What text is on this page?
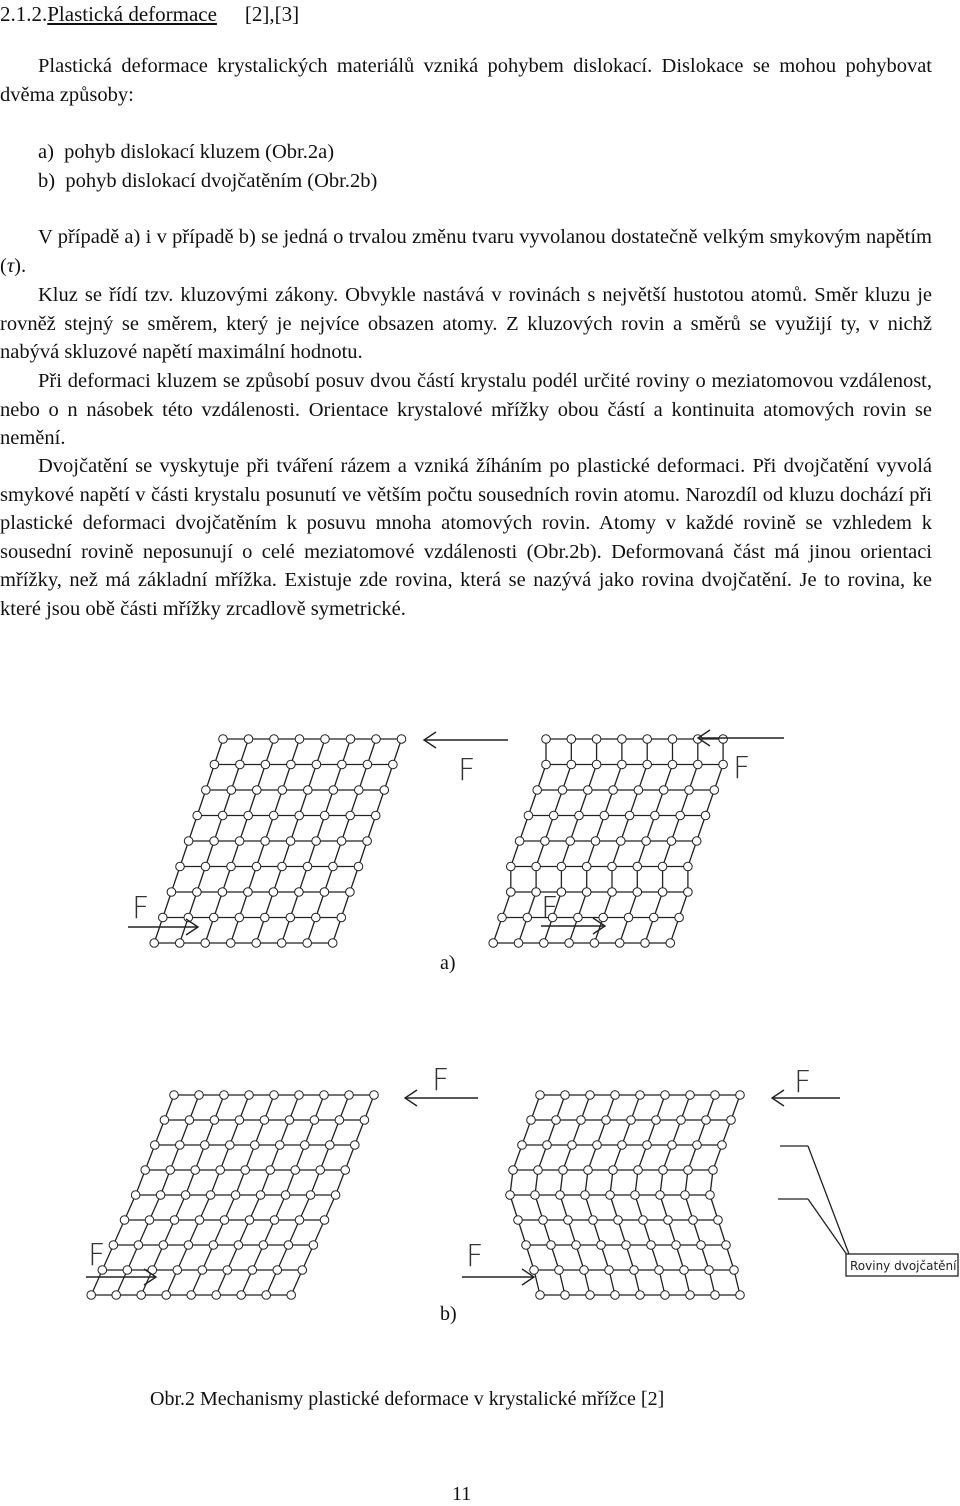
2.1.2.Plastická deformace [2],[3]
Plastická deformace krystalických materiálů vzniká pohybem dislokací. Dislokace se mohou pohybovat dvěma způsoby:
a)  pohyb dislokací kluzem (Obr.2a)
b)  pohyb dislokací dvojčatěním (Obr.2b)
V případě a) i v případě b) se jedná o trvalou změnu tvaru vyvolanou dostatečně velkým smykovým napětím (τ).
Kluz se řídí tzv. kluzovými zákony. Obvykle nastává v rovinách s největší hustotou atomů. Směr kluzu je rovněž stejný se směrem, který je nejvíce obsazen atomy. Z kluzových rovin a směrů se využijí ty, v nichž nabývá skluzové napětí maximální hodnotu.
Při deformaci kluzem se způsobí posuv dvou částí krystalu podél určité roviny o meziatomovou vzdálenost, nebo o n násobek této vzdálenosti. Orientace krystalové mřížky obou částí a kontinuita atomových rovin se nemění.
Dvojčatění se vyskytuje při tváření rázem a vzniká žíháním po plastické deformaci. Při dvojčatění vyvolá smykové napětí v části krystalu posunutí ve větším počtu sousedních rovin atomu. Narozdíl od kluzu dochází při plastické deformaci dvojčatěním k posuvu mnoha atomových rovin. Atomy v každé rovině se vzhledem k sousední rovině neposunují o celé meziatomové vzdálenosti (Obr.2b). Deformovaná část má jinou orientaci mřížky, než má základní mřížka. Existuje zde rovina, která se nazývá jako rovina dvojčatění. Je to rovina, ke které jsou obě části mřížky zrcadlově symetrické.
F	F
F	F
F	F
F	F	Roviny dvojčatění
a)
b)
Obr.2 Mechanismy plastické deformace v krystalické mřížce [2]
11
